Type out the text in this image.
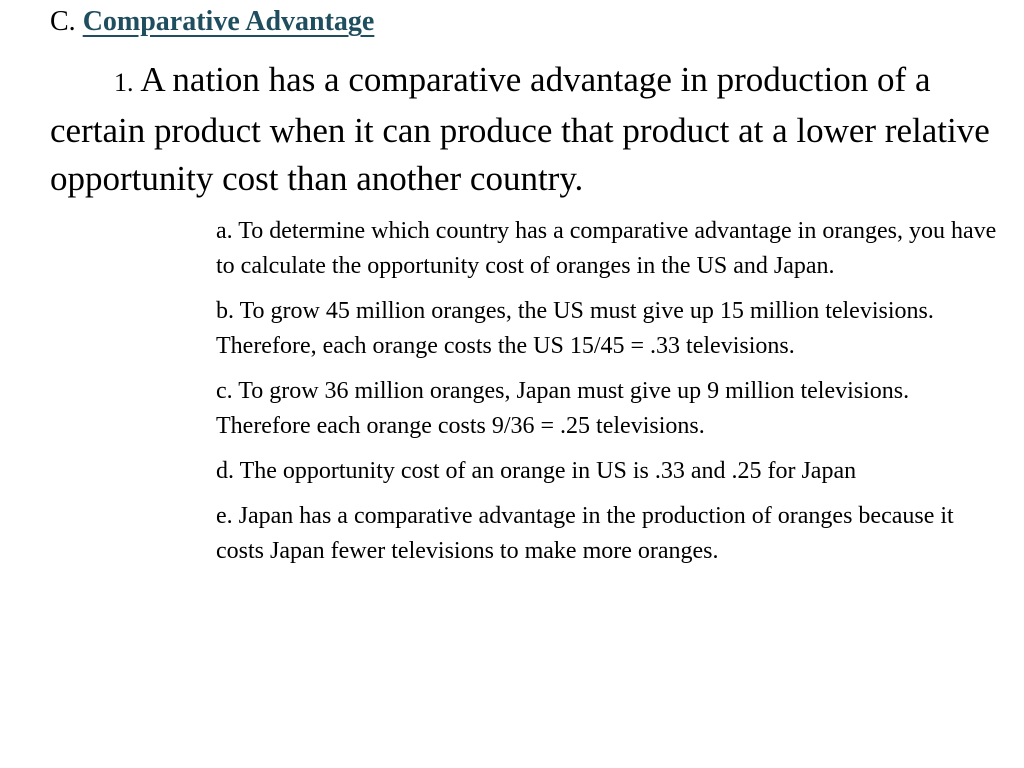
C. Comparative Advantage
1. A nation has a comparative advantage in production of a certain product when it can produce that product at a lower relative opportunity cost than another country.

a. To determine which country has a comparative advantage in oranges, you have to calculate the opportunity cost of oranges in the US and Japan.

b. To grow 45 million oranges, the US must give up 15 million televisions. Therefore, each orange costs the US 15/45 = .33 televisions.

c. To grow 36 million oranges, Japan must give up 9 million televisions. Therefore each orange costs 9/36 = .25 televisions.

d. The opportunity cost of an orange in US is .33 and .25 for Japan

e. Japan has a comparative advantage in the production of oranges because it costs Japan fewer televisions to make more oranges.
